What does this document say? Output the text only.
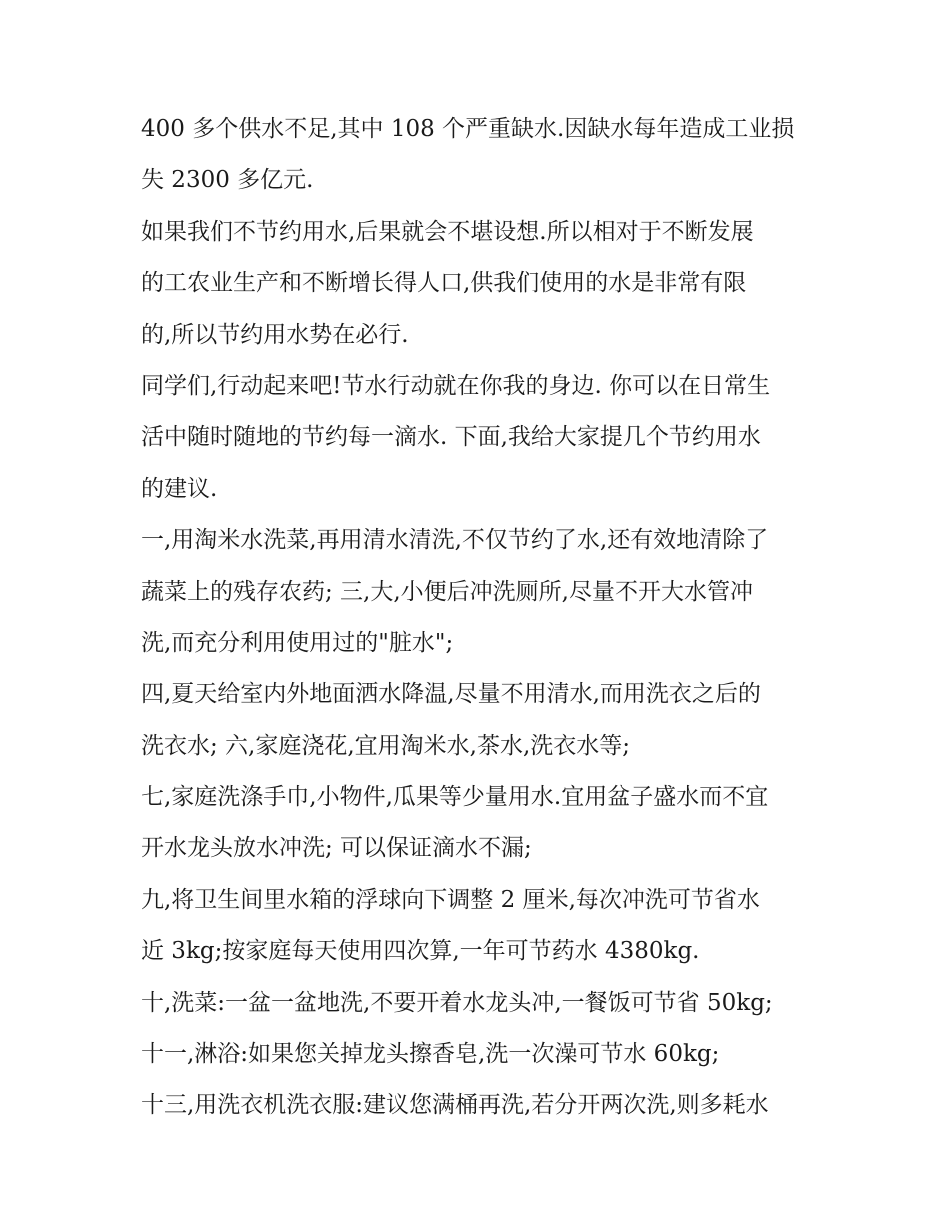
400 多个供水不足,其中 108 个严重缺水.因缺水每年造成工业损
失 2300 多亿元.
如果我们不节约用水,后果就会不堪设想.所以相对于不断发展
的工农业生产和不断增长得人口,供我们使用的水是非常有限
的,所以节约用水势在必行.
同学们,行动起来吧!节水行动就在你我的身边. 你可以在日常生
活中随时随地的节约每一滴水. 下面,我给大家提几个节约用水
的建议.
一,用淘米水洗菜,再用清水清洗,不仅节约了水,还有效地清除了
蔬菜上的残存农药; 三,大,小便后冲洗厕所,尽量不开大水管冲
洗,而充分利用使用过的"脏水";
四,夏天给室内外地面洒水降温,尽量不用清水,而用洗衣之后的
洗衣水; 六,家庭浇花,宜用淘米水,茶水,洗衣水等;
七,家庭洗涤手巾,小物件,瓜果等少量用水.宜用盆子盛水而不宜
开水龙头放水冲洗; 可以保证滴水不漏;
九,将卫生间里水箱的浮球向下调整 2 厘米,每次冲洗可节省水
近 3kg;按家庭每天使用四次算,一年可节药水 4380kg.
十,洗菜:一盆一盆地洗,不要开着水龙头冲,一餐饭可节省 50kg;
十一,淋浴:如果您关掉龙头擦香皂,洗一次澡可节水 60kg;
十三,用洗衣机洗衣服:建议您满桶再洗,若分开两次洗,则多耗水
